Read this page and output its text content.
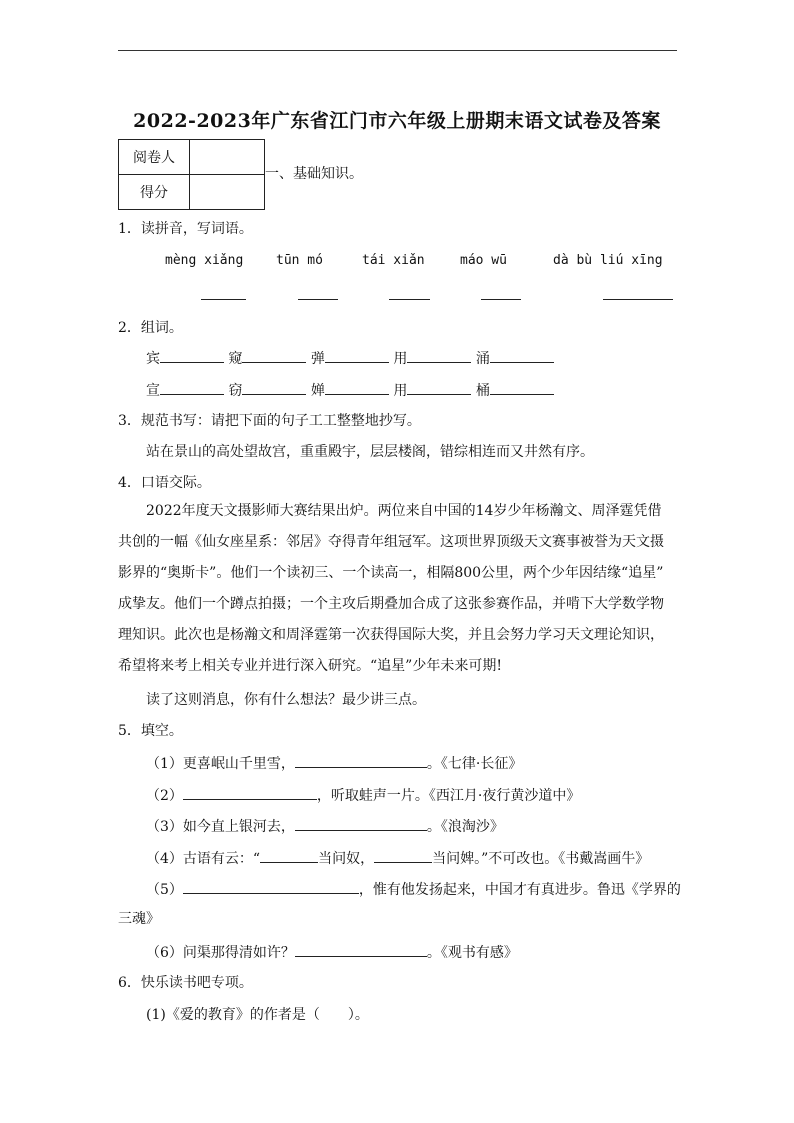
2022-2023年广东省江门市六年级上册期末语文试卷及答案
阅卷人	
得分	
一、基础知识。
1．读拼音，写词语。
mèng xiǎng	tūn mó	tái xiǎn	máo wū	dà bù liú xīng
2．组词。
宾	窥	弹	用	涌
宣	窃	婵	用	桶
3．规范书写：请把下面的句子工工整整地抄写。
站在景山的高处望故宫，重重殿宇，层层楼阁，错综相连而又井然有序。
4．口语交际。

2022年度天文摄影师大赛结果出炉。两位来自中国的14岁少年杨瀚文、周泽霆凭借

共创的一幅《仙女座星系：邻居》夺得青年组冠军。这项世界顶级天文赛事被誉为天文摄

影界的“奥斯卡”。他们一个读初三、一个读高一，相隔800公里，两个少年因结缘“追星”

成挚友。他们一个蹲点拍摄；一个主攻后期叠加合成了这张参赛作品，并啃下大学数学物

理知识。此次也是杨瀚文和周泽霆第一次获得国际大奖，并且会努力学习天文理论知识，

希望将来考上相关专业并进行深入研究。“追星”少年未来可期!

读了这则消息，你有什么想法？最少讲三点。
5．填空。
（1）更喜岷山千里雪，	。《七律·长征》
（2）	，听取蛙声一片。《西江月·夜行黄沙道中》
（3）如今直上银河去，	。《浪淘沙》
（4）古语有云：“	当问奴，	当问婢。”不可改也。《书戴嵩画牛》
（5）	，惟有他发扬起来，中国才有真进步。鲁迅《学界的
三魂》
（6）问渠那得清如许？	。《观书有感》
6．快乐读书吧专项。
(1)《爱的教育》的作者是（　　）。
